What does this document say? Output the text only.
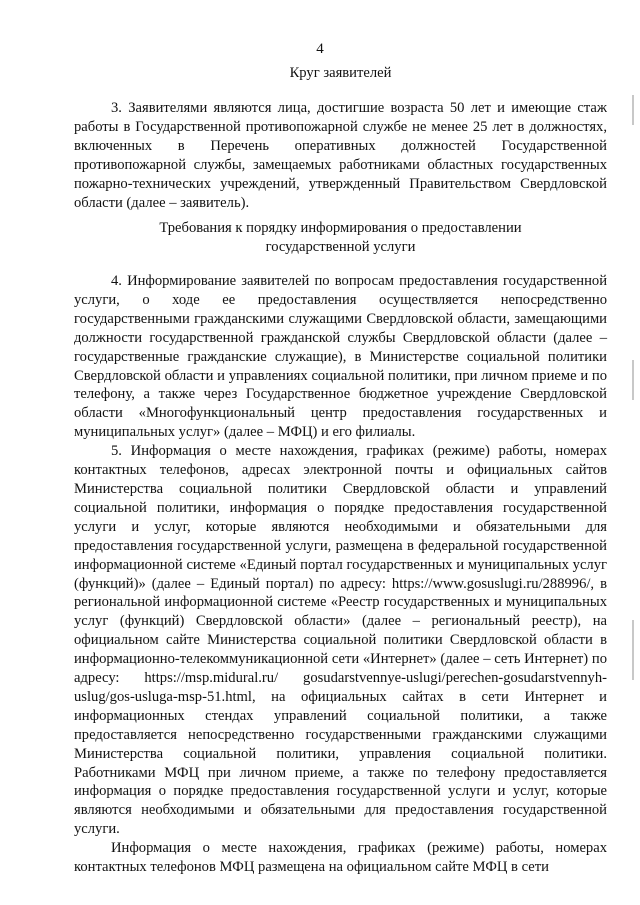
4
Круг заявителей

3. Заявителями являются лица, достигшие возраста 50 лет и имеющие стаж работы в Государственной противопожарной службе не менее 25 лет в должностях, включенных в Перечень оперативных должностей Государственной противопожарной службы, замещаемых работниками областных государственных пожарно-технических учреждений, утвержденный Правительством Свердловской области (далее – заявитель).

Требования к порядку информирования о предоставлении
государственной услуги

4. Информирование заявителей по вопросам предоставления государственной услуги, о ходе ее предоставления осуществляется непосредственно государственными гражданскими служащими Свердловской области, замещающими должности государственной гражданской службы Свердловской области (далее – государственные гражданские служащие), в Министерстве социальной политики Свердловской области и управлениях социальной политики, при личном приеме и по телефону, а также через Государственное бюджетное учреждение Свердловской области «Многофункциональный центр предоставления государственных и муниципальных услуг» (далее – МФЦ) и его филиалы.

5. Информация о месте нахождения, графиках (режиме) работы, номерах контактных телефонов, адресах электронной почты и официальных сайтов Министерства социальной политики Свердловской области и управлений социальной политики, информация о порядке предоставления государственной услуги и услуг, которые являются необходимыми и обязательными для предоставления государственной услуги, размещена в федеральной государственной информационной системе «Единый портал государственных и муниципальных услуг (функций)» (далее – Единый портал) по адресу: https://www.gosuslugi.ru/288996/, в региональной информационной системе «Реестр государственных и муниципальных услуг (функций) Свердловской области» (далее – региональный реестр), на официальном сайте Министерства социальной политики Свердловской области в информационно-телекоммуникационной сети «Интернет» (далее – сеть Интернет) по адресу: https://msp.midural.ru/ gosudarstvennye-uslugi/perechen-gosudarstvennyh-uslug/gos-usluga-msp-51.html, на официальных сайтах в сети Интернет и информационных стендах управлений социальной политики, а также предоставляется непосредственно государственными гражданскими служащими Министерства социальной политики, управления социальной политики. Работниками МФЦ при личном приеме, а также по телефону предоставляется информация о порядке предоставления государственной услуги и услуг, которые являются необходимыми и обязательными для предоставления государственной услуги.

Информация о месте нахождения, графиках (режиме) работы, номерах контактных телефонов МФЦ размещена на официальном сайте МФЦ в сети
